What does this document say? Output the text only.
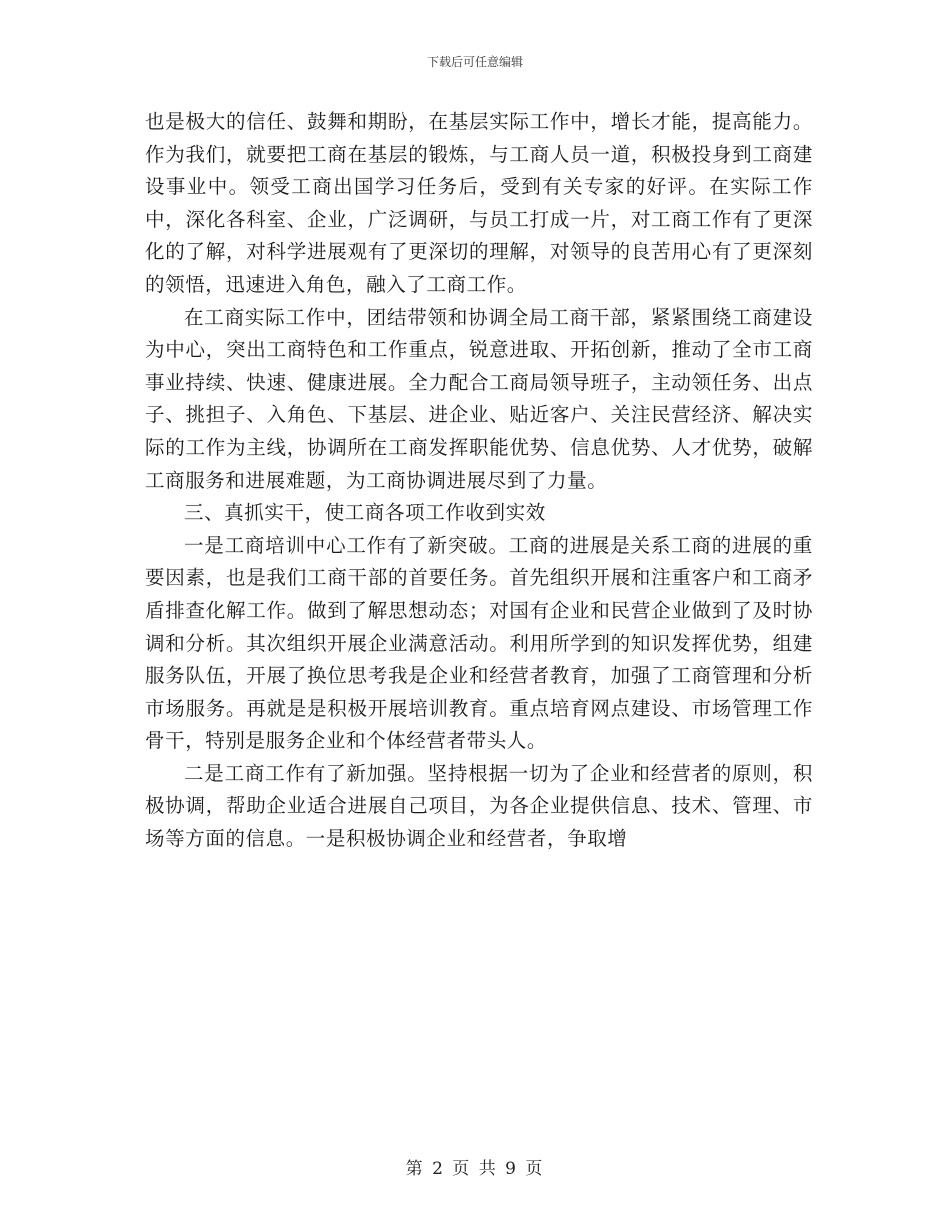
下载后可任意编辑

也是极大的信任、鼓舞和期盼，在基层实际工作中，增长才能，提高能力。作为我们，就要把工商在基层的锻炼，与工商人员一道，积极投身到工商建设事业中。领受工商出国学习任务后，受到有关专家的好评。在实际工作中，深化各科室、企业，广泛调研，与员工打成一片，对工商工作有了更深化的了解，对科学进展观有了更深切的理解，对领导的良苦用心有了更深刻的领悟，迅速进入角色，融入了工商工作。

在工商实际工作中，团结带领和协调全局工商干部，紧紧围绕工商建设为中心，突出工商特色和工作重点，锐意进取、开拓创新，推动了全市工商事业持续、快速、健康进展。全力配合工商局领导班子，主动领任务、出点子、挑担子、入角色、下基层、进企业、贴近客户、关注民营经济、解决实际的工作为主线，协调所在工商发挥职能优势、信息优势、人才优势，破解工商服务和进展难题，为工商协调进展尽到了力量。

三、真抓实干，使工商各项工作收到实效

一是工商培训中心工作有了新突破。工商的进展是关系工商的进展的重要因素，也是我们工商干部的首要任务。首先组织开展和注重客户和工商矛盾排查化解工作。做到了解思想动态；对国有企业和民营企业做到了及时协调和分析。其次组织开展企业满意活动。利用所学到的知识发挥优势，组建服务队伍，开展了换位思考我是企业和经营者教育，加强了工商管理和分析市场服务。再就是是积极开展培训教育。重点培育网点建设、市场管理工作骨干，特别是服务企业和个体经营者带头人。

二是工商工作有了新加强。坚持根据一切为了企业和经营者的原则，积极协调，帮助企业适合进展自己项目，为各企业提供信息、技术、管理、市场等方面的信息。一是积极协调企业和经营者，争取增

第 2 页 共 9 页
